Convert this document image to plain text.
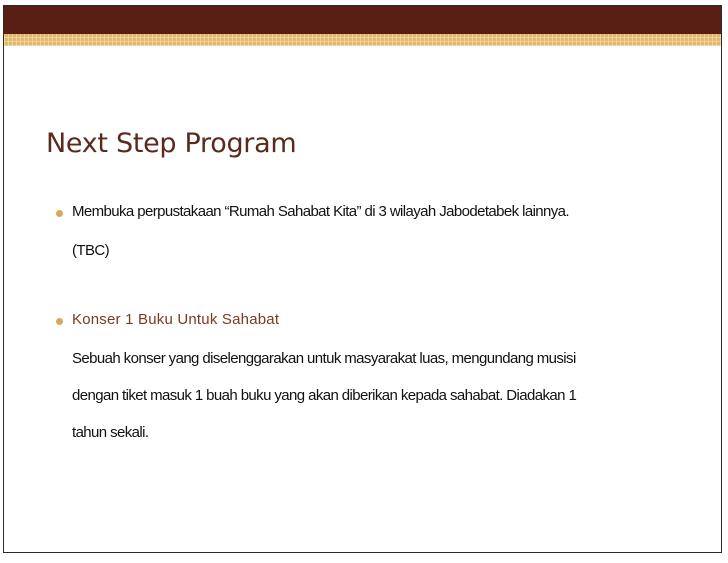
Next Step Program
Membuka perpustakaan “Rumah Sahabat Kita” di 3 wilayah Jabodetabek lainnya.
(TBC)
Konser 1 Buku Untuk Sahabat
Sebuah konser yang diselenggarakan untuk masyarakat luas, mengundang musisi
dengan tiket masuk 1 buah buku yang akan diberikan kepada sahabat. Diadakan 1
tahun sekali.
